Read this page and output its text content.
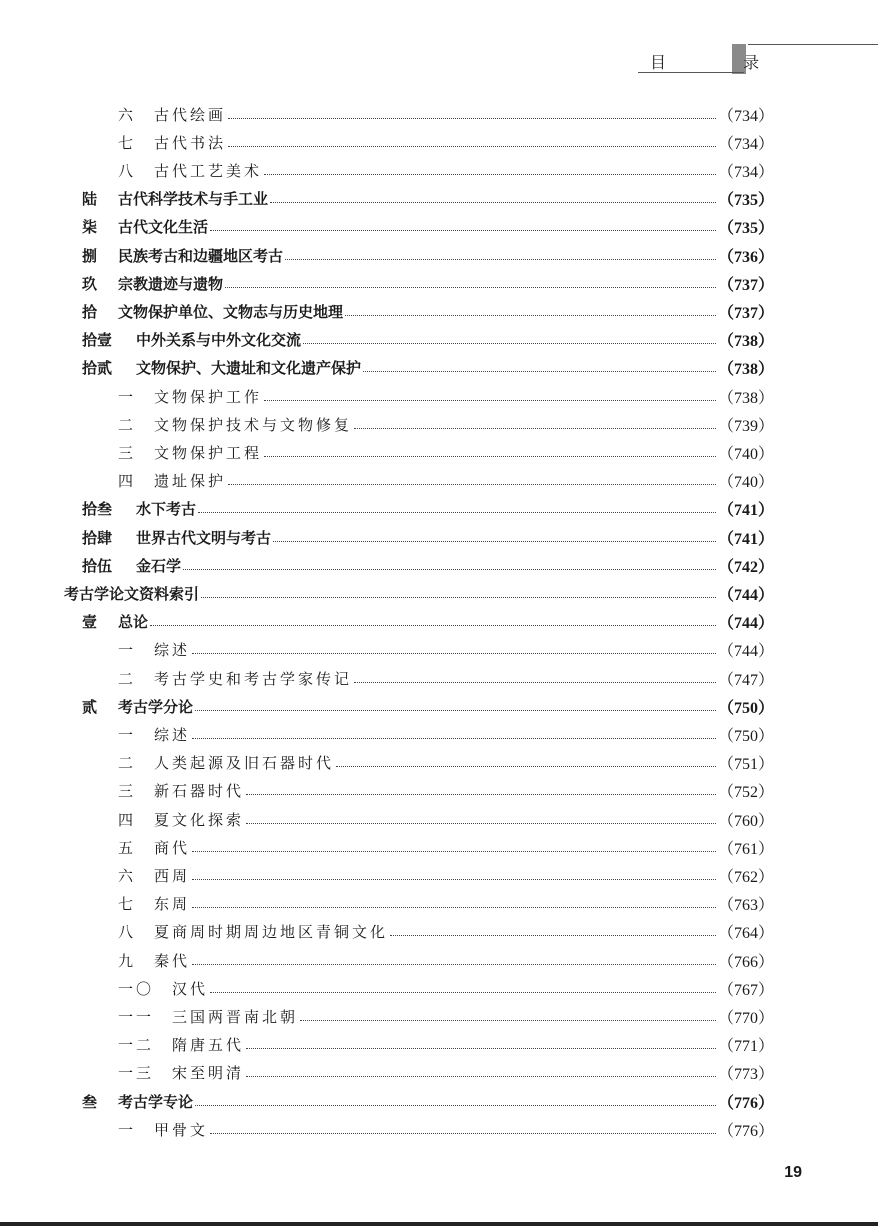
目 录
六	古代绘画	（734）
七	古代书法	（734）
八	古代工艺美术	（734）
陆	古代科学技术与手工业	（735）
柒	古代文化生活	（735）
捌	民族考古和边疆地区考古	（736）
玖	宗教遗迹与遗物	（737）
拾	文物保护单位、文物志与历史地理	（737）
拾壹	中外关系与中外文化交流	（738）
拾贰	文物保护、大遗址和文化遗产保护	（738）
一	文物保护工作	（738）
二	文物保护技术与文物修复	（739）
三	文物保护工程	（740）
四	遗址保护	（740）
拾叁	水下考古	（741）
拾肆	世界古代文明与考古	（741）
拾伍	金石学	（742）
考古学论文资料索引	（744）
壹	总论	（744）
一	综述	（744）
二	考古学史和考古学家传记	（747）
贰	考古学分论	（750）
一	综述	（750）
二	人类起源及旧石器时代	（751）
三	新石器时代	（752）
四	夏文化探索	（760）
五	商代	（761）
六	西周	（762）
七	东周	（763）
八	夏商周时期周边地区青铜文化	（764）
九	秦代	（766）
一〇	汉代	（767）
一一	三国两晋南北朝	（770）
一二	隋唐五代	（771）
一三	宋至明清	（773）
叁	考古学专论	（776）
一	甲骨文	（776）
19
